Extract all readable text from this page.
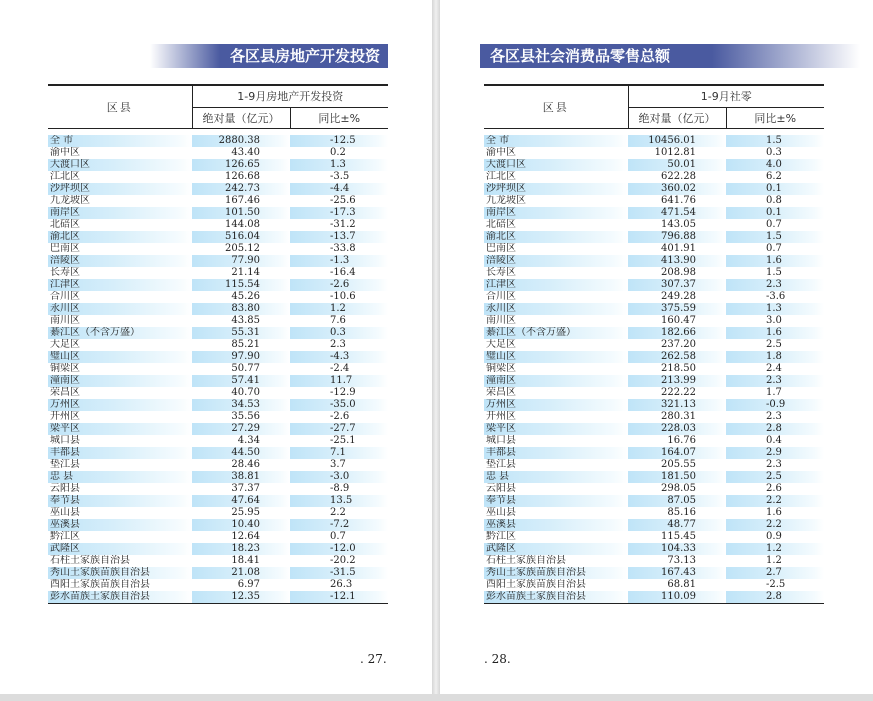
各区县房地产开发投资
区县	1-9月房地产开发投资	
	绝对量（亿元）	同比±%

全 市	2880.38	-12.5
渝中区	43.40	0.2
大渡口区	126.65	1.3
江北区	126.68	-3.5
沙坪坝区	242.73	-4.4
九龙坡区	167.46	-25.6
南岸区	101.50	-17.3
北碚区	144.08	-31.2
渝北区	516.04	-13.7
巴南区	205.12	-33.8
涪陵区	77.90	-1.3
长寿区	21.14	-16.4
江津区	115.54	-2.6
合川区	45.26	-10.6
永川区	83.80	1.2
南川区	43.85	7.6
綦江区（不含万盛）	55.31	0.3
大足区	85.21	2.3
璧山区	97.90	-4.3
铜梁区	50.77	-2.4
潼南区	57.41	11.7
荣昌区	40.70	-12.9
万州区	34.53	-35.0
开州区	35.56	-2.6
梁平区	27.29	-27.7
城口县	4.34	-25.1
丰都县	44.50	7.1
垫江县	28.46	3.7
忠 县	38.81	-3.0
云阳县	37.37	-8.9
奉节县	47.64	13.5
巫山县	25.95	2.2
巫溪县	10.40	-7.2
黔江区	12.64	0.7
武隆区	18.23	-12.0
石柱土家族自治县	18.41	-20.2
秀山土家族苗族自治县	21.08	-31.5
酉阳土家族苗族自治县	6.97	26.3
彭水苗族土家族自治县	12.35	-12.1
. 27.
各区县社会消费品零售总额
区县	1-9月社零	
	绝对量（亿元）	同比±%

全 市	10456.01	1.5
渝中区	1012.81	0.3
大渡口区	50.01	4.0
江北区	622.28	6.2
沙坪坝区	360.02	0.1
九龙坡区	641.76	0.8
南岸区	471.54	0.1
北碚区	143.05	0.7
渝北区	796.88	1.5
巴南区	401.91	0.7
涪陵区	413.90	1.6
长寿区	208.98	1.5
江津区	307.37	2.3
合川区	249.28	-3.6
永川区	375.59	1.3
南川区	160.47	3.0
綦江区（不含万盛）	182.66	1.6
大足区	237.20	2.5
璧山区	262.58	1.8
铜梁区	218.50	2.4
潼南区	213.99	2.3
荣昌区	222.22	1.7
万州区	321.13	-0.9
开州区	280.31	2.3
梁平区	228.03	2.8
城口县	16.76	0.4
丰都县	164.07	2.9
垫江县	205.55	2.3
忠 县	181.50	2.5
云阳县	298.05	2.6
奉节县	87.05	2.2
巫山县	85.16	1.6
巫溪县	48.77	2.2
黔江区	115.45	0.9
武隆区	104.33	1.2
石柱土家族自治县	73.13	1.2
秀山土家族苗族自治县	167.43	2.7
酉阳土家族苗族自治县	68.81	-2.5
彭水苗族土家族自治县	110.09	2.8
. 28.
